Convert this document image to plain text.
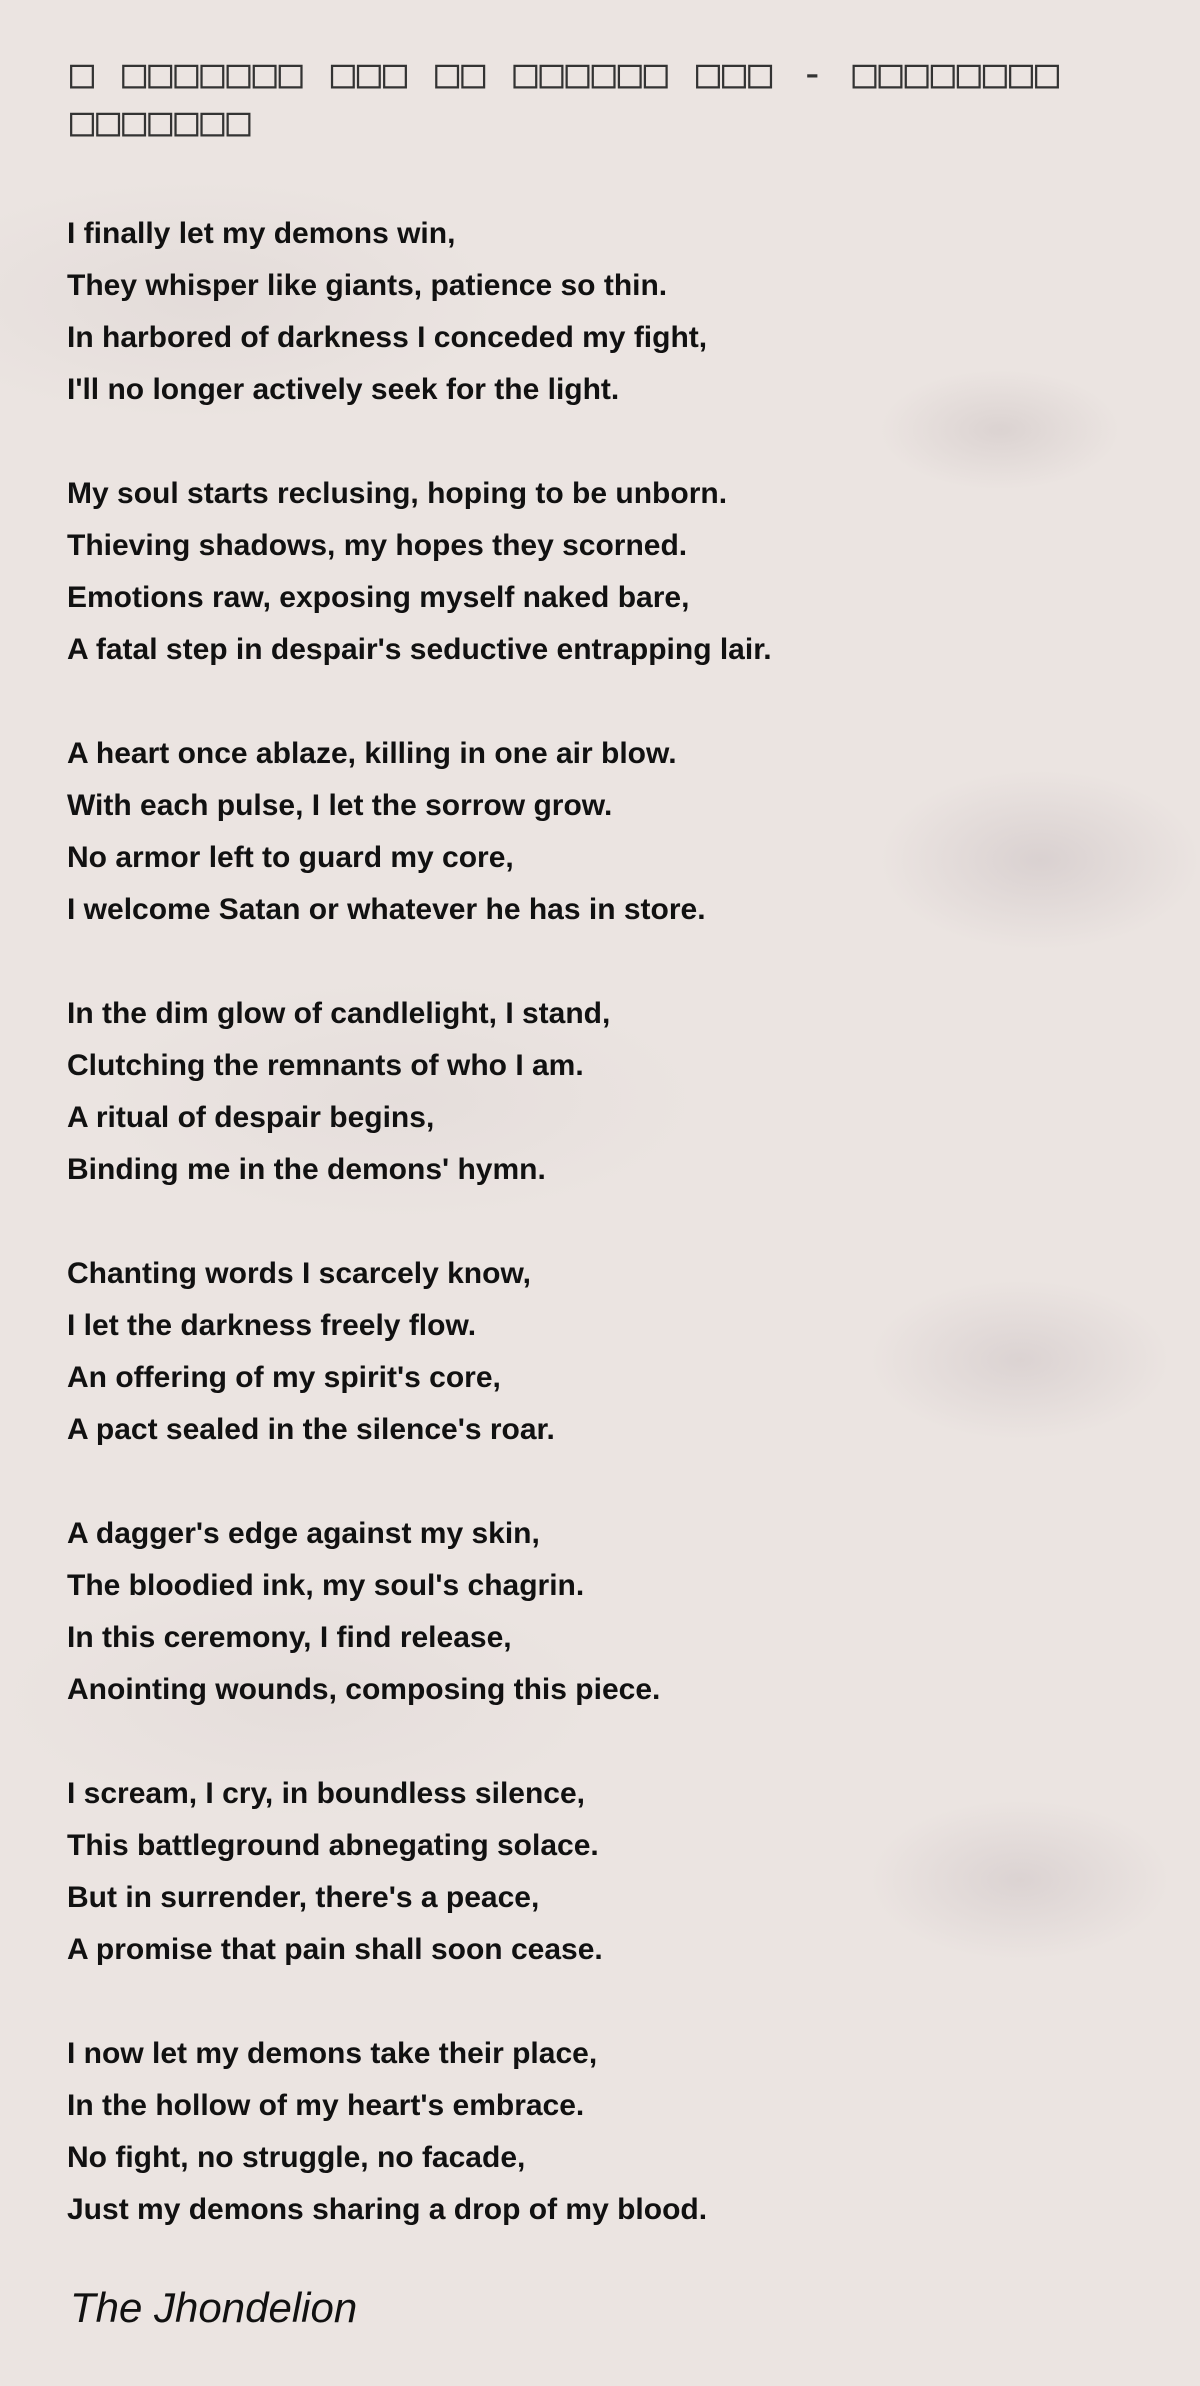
□ □□□□□□□ □□□ □□ □□□□□□ □□□ - □□□□□□□□ □□□□□□□
I finally let my demons win,
They whisper like giants, patience so thin.
In harbored of darkness I conceded my fight,
I'll no longer actively seek for the light.
My soul starts reclusing, hoping to be unborn.
Thieving shadows, my hopes they scorned.
Emotions raw, exposing myself naked bare,
A fatal step in despair's seductive entrapping lair.
A heart once ablaze, killing in one air blow.
With each pulse, I let the sorrow grow.
No armor left to guard my core,
I welcome Satan or whatever he has in store.
In the dim glow of candlelight, I stand,
Clutching the remnants of who I am.
A ritual of despair begins,
Binding me in the demons' hymn.
Chanting words I scarcely know,
I let the darkness freely flow.
An offering of my spirit's core,
A pact sealed in the silence's roar.
A dagger's edge against my skin,
The bloodied ink, my soul's chagrin.
In this ceremony, I find release,
Anointing wounds, composing this piece.
I scream, I cry, in boundless silence,
This battleground abnegating solace.
But in surrender, there's a peace,
A promise that pain shall soon cease.
I now let my demons take their place,
In the hollow of my heart's embrace.
No fight, no struggle, no facade,
Just my demons sharing a drop of my blood.
The Jhondelion
